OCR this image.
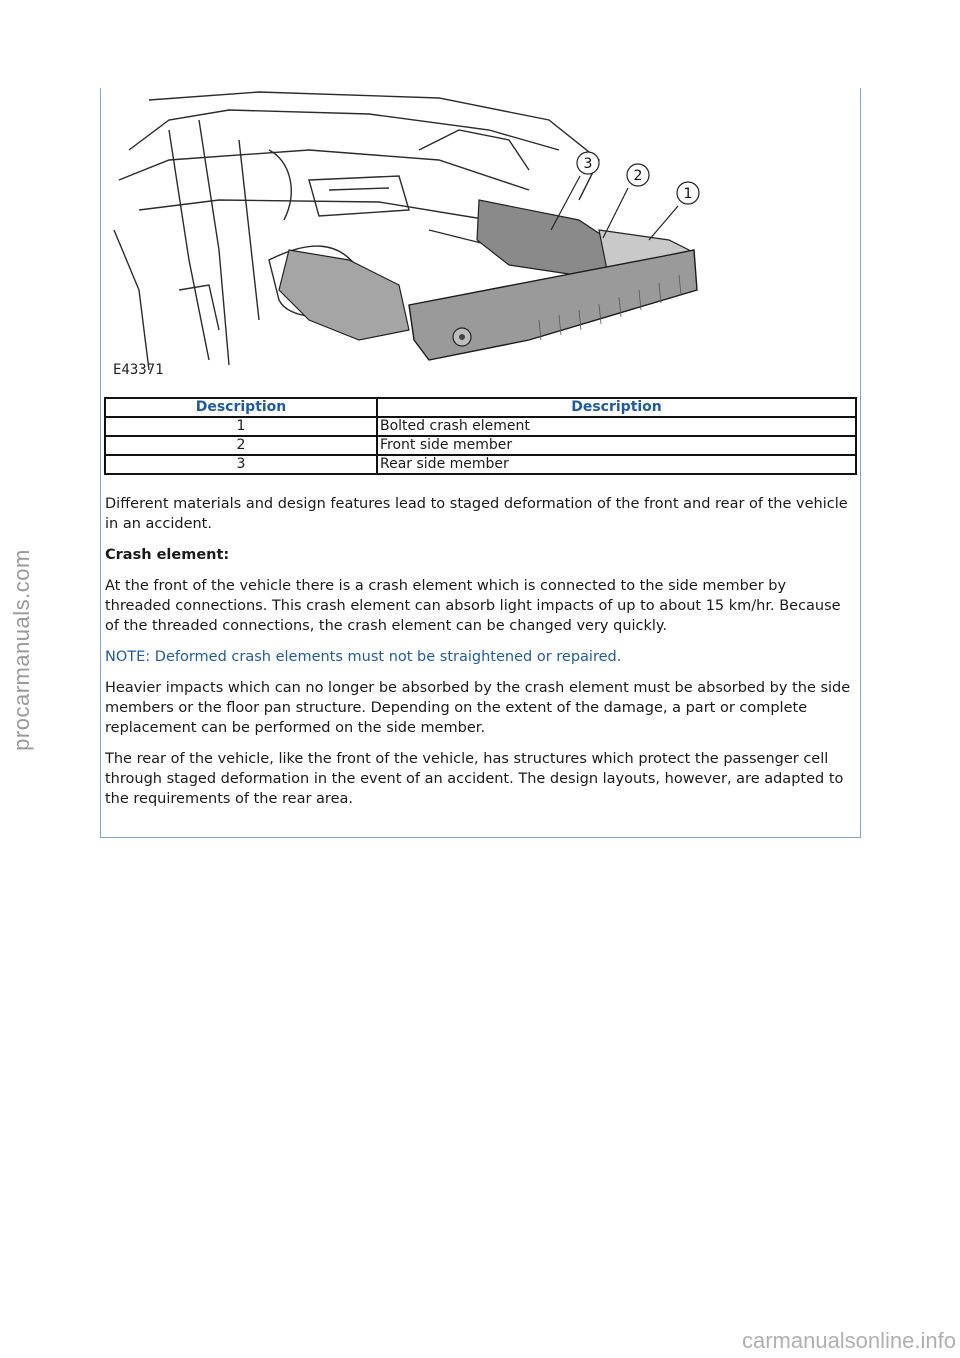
procarmanuals.com
3
2
1
E43371
Description	Description
1	Bolted crash element
2	Front side member
3	Rear side member

Different materials and design features lead to staged deformation of the front and rear of the vehicle in an accident.

Crash element:

At the front of the vehicle there is a crash element which is connected to the side member by threaded connections. This crash element can absorb light impacts of up to about 15 km/hr. Because of the threaded connections, the crash element can be changed very quickly.

NOTE: Deformed crash elements must not be straightened or repaired.

Heavier impacts which can no longer be absorbed by the crash element must be absorbed by the side members or the floor pan structure. Depending on the extent of the damage, a part or complete replacement can be performed on the side member.

The rear of the vehicle, like the front of the vehicle, has structures which protect the passenger cell through staged deformation in the event of an accident. The design layouts, however, are adapted to the requirements of the rear area.

carmanualsonline.info
